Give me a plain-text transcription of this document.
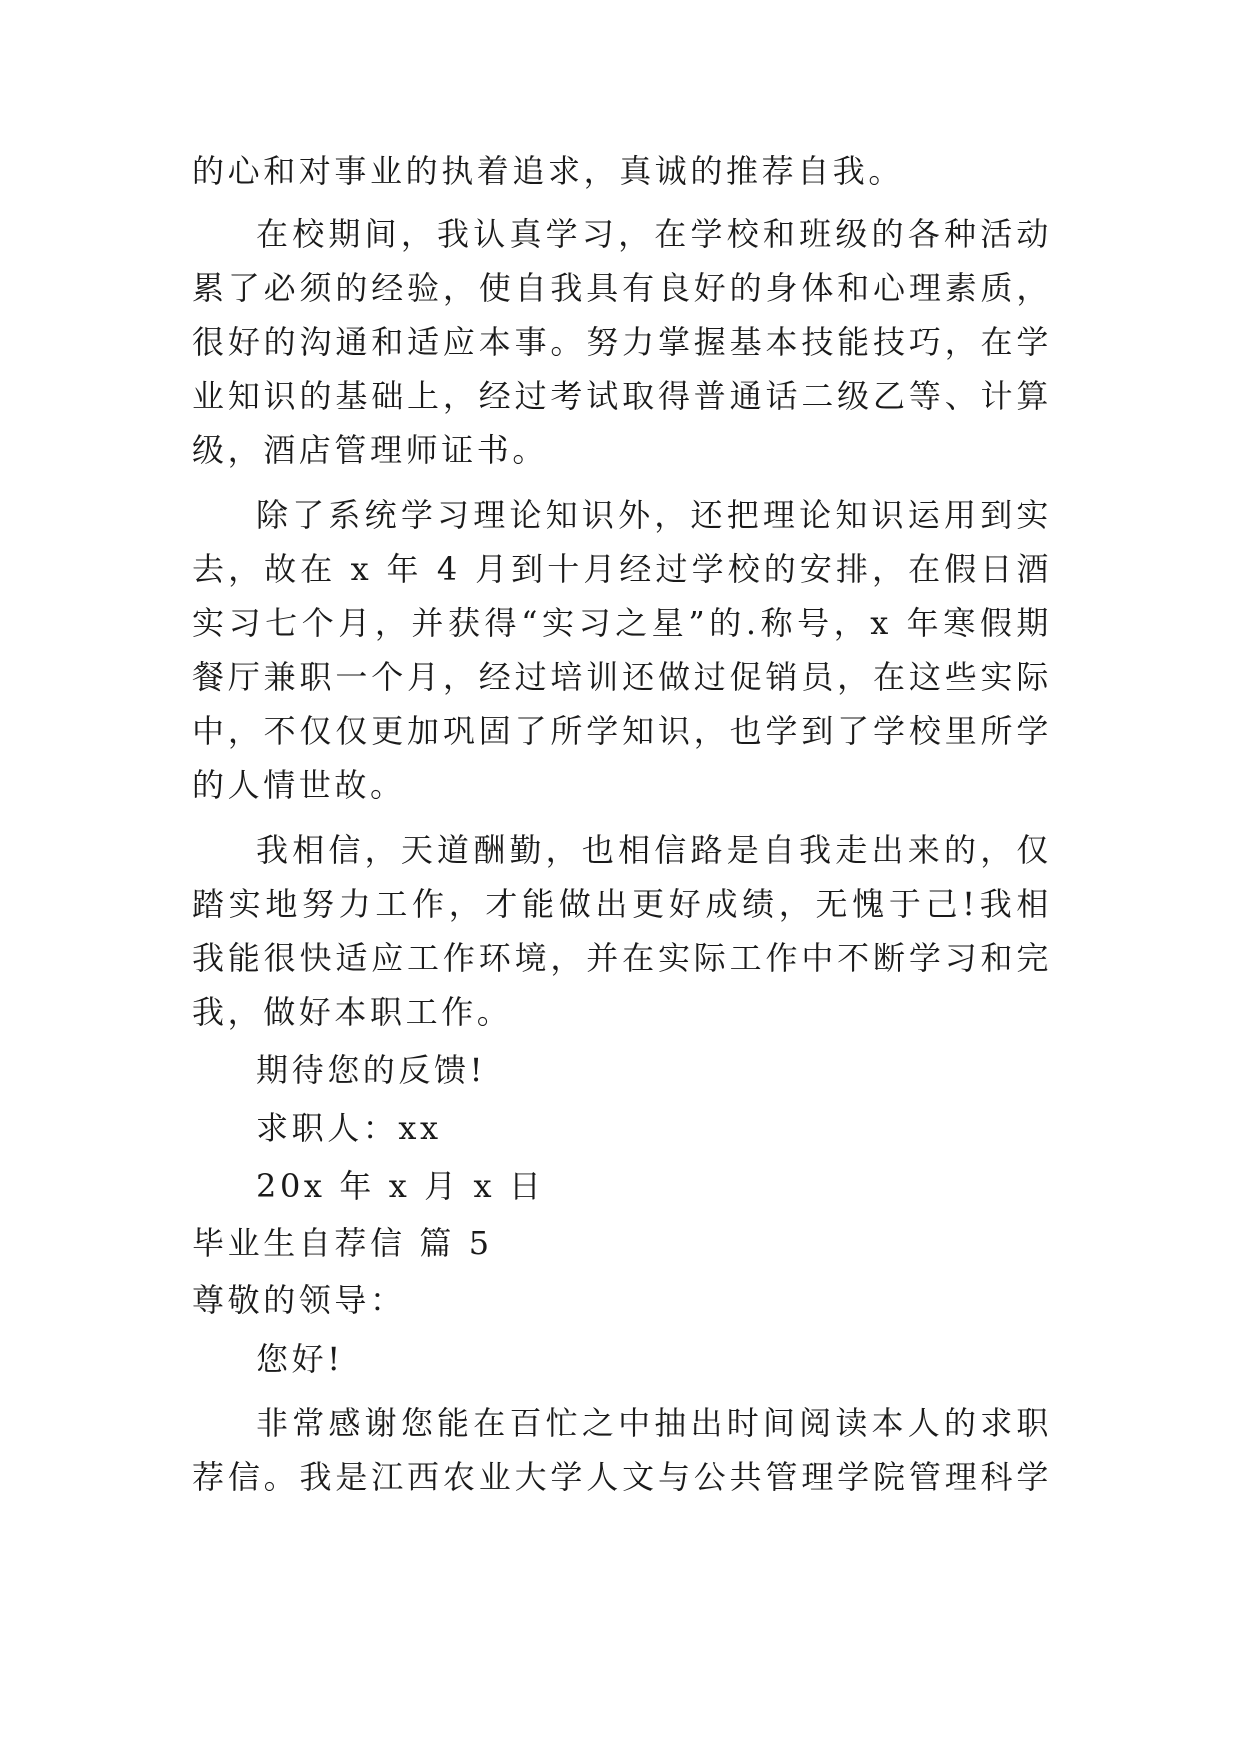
的心和对事业的执着追求，真诚的推荐自我。
在校期间，我认真学习，在学校和班级的各种活动
累了必须的经验，使自我具有良好的身体和心理素质，
很好的沟通和适应本事。努力掌握基本技能技巧，在学
业知识的基础上，经过考试取得普通话二级乙等、计算
级，酒店管理师证书。
除了系统学习理论知识外，还把理论知识运用到实
去，故在 x 年 4 月到十月经过学校的安排，在假日酒
实习七个月，并获得“实习之星”的.称号，x 年寒假期
餐厅兼职一个月，经过培训还做过促销员，在这些实际
中，不仅仅更加巩固了所学知识，也学到了学校里所学
的人情世故。
我相信，天道酬勤，也相信路是自我走出来的，仅
踏实地努力工作，才能做出更好成绩，无愧于己!我相
我能很快适应工作环境，并在实际工作中不断学习和完
我，做好本职工作。
期待您的反馈!
求职人：xx
20x 年 x 月 x 日
毕业生自荐信 篇 5
尊敬的领导：
您好!
非常感谢您能在百忙之中抽出时间阅读本人的求职
荐信。我是江西农业大学人文与公共管理学院管理科学
